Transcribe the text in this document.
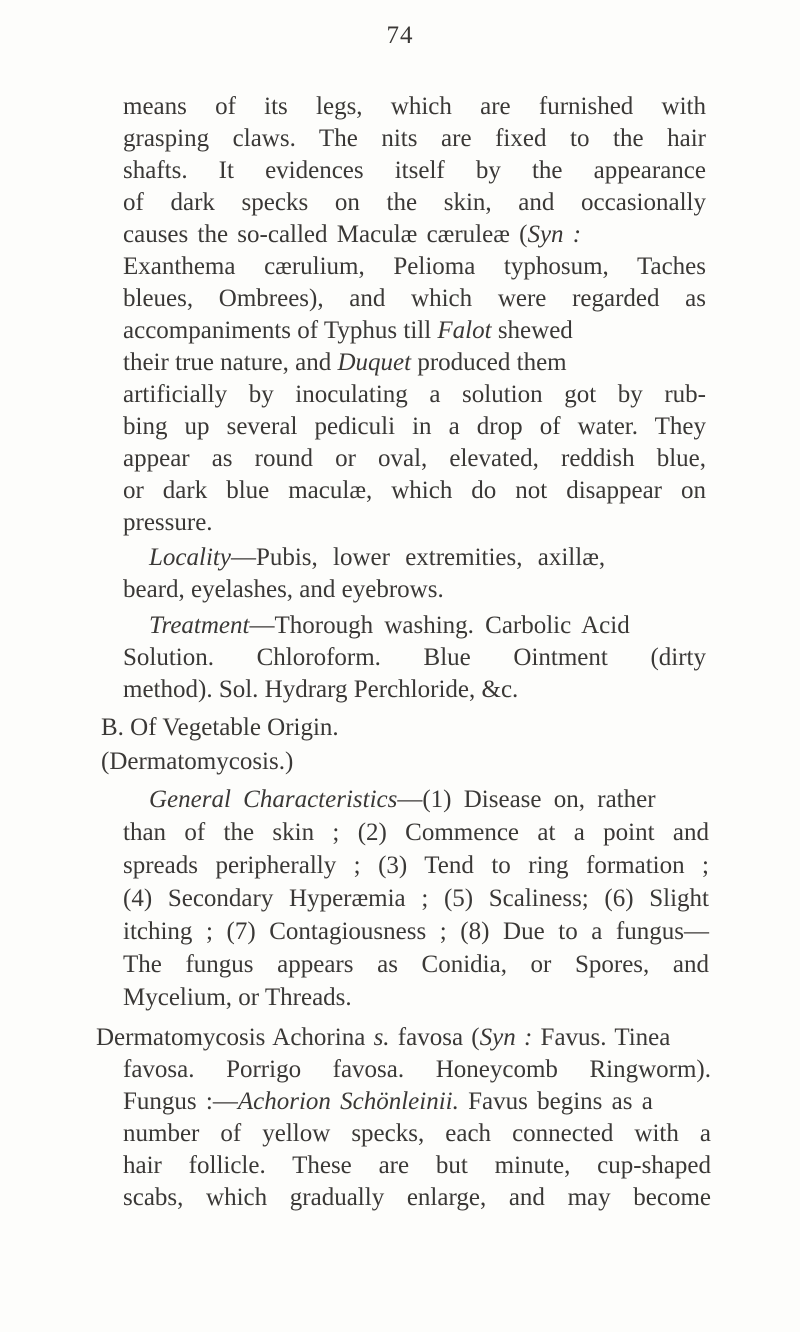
74
means of its legs, which are furnished with
grasping claws. The nits are fixed to the hair
shafts. It evidences itself by the appearance
of dark specks on the skin, and occasionally
causes the so-called Maculæ cæruleæ (Syn :
Exanthema cærulium, Pelioma typhosum, Taches
bleues, Ombrees), and which were regarded as
accompaniments of Typhus till Falot shewed
their true nature, and Duquet produced them
artificially by inoculating a solution got by rub-
bing up several pediculi in a drop of water. They
appear as round or oval, elevated, reddish blue,
or dark blue maculæ, which do not disappear on
pressure.
Locality—Pubis, lower extremities, axillæ,
beard, eyelashes, and eyebrows.
Treatment—Thorough washing. Carbolic Acid
Solution. Chloroform. Blue Ointment (dirty
method). Sol. Hydrarg Perchloride, &c.
B. Of Vegetable Origin.
(Dermatomycosis.)
General Characteristics—(1) Disease on, rather
than of the skin ; (2) Commence at a point and
spreads peripherally ; (3) Tend to ring formation ;
(4) Secondary Hyperæmia ; (5) Scaliness; (6) Slight
itching ; (7) Contagiousness ; (8) Due to a fungus—
The fungus appears as Conidia, or Spores, and
Mycelium, or Threads.
Dermatomycosis Achorina s. favosa (Syn : Favus. Tinea
favosa. Porrigo favosa. Honeycomb Ringworm).
Fungus :—Achorion Schönleinii. Favus begins as a
number of yellow specks, each connected with a
hair follicle. These are but minute, cup-shaped
scabs, which gradually enlarge, and may become
